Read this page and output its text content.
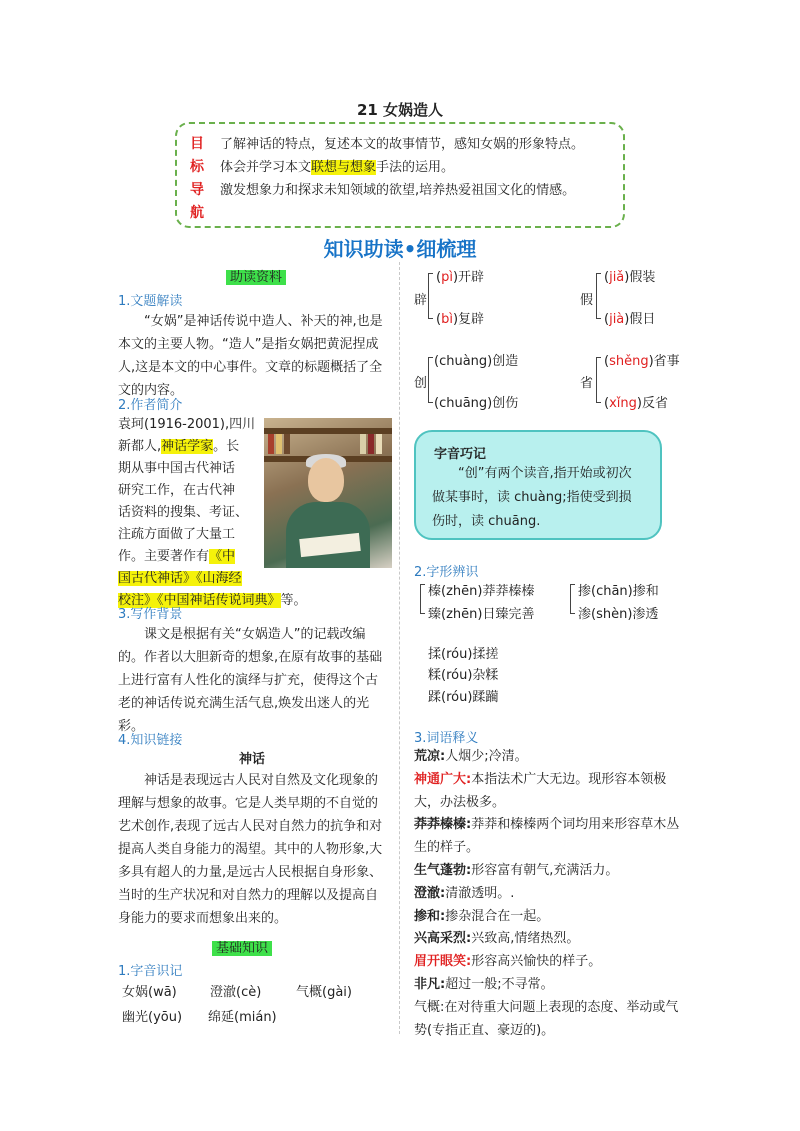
21 女娲造人
目
标
导
航
了解神话的特点，复述本文的故事情节，感知女娲的形象特点。
体会并学习本文联想与想象手法的运用。
激发想象力和探求未知领域的欲望,培养热爱祖国文化的情感。
知识助读•细梳理
助读资料
1.文题解读

“女娲”是神话传说中造人、补天的神,也是本文的主要人物。“造人”是指女娲把黄泥捏成人,这是本文的中心事件。文章的标题概括了全文的内容。

2.作者简介
袁珂(1916-2001),四川
新都人,神话学家。长
期从事中国古代神话
研究工作，在古代神
话资料的搜集、考证、
注疏方面做了大量工
作。主要著作有《中
国古代神话》《山海经
校注》《中国神话传说词典》等。
3.写作背景

课文是根据有关“女娲造人”的记载改编的。作者以大胆新奇的想象,在原有故事的基础上进行富有人性化的演绎与扩充，使得这个古老的神话传说充满生活气息,焕发出迷人的光彩。

4.知识链接
神话

神话是表现远古人民对自然及文化现象的理解与想象的故事。它是人类早期的不自觉的艺术创作,表现了远古人民对自然力的抗争和对提高人类自身能力的渴望。其中的人物形象,大多具有超人的力量,是远古人民根据自身形象、当时的生产状况和对自然力的理解以及提高自身能力的要求而想象出来的。

基础知识
1.字音识记
女娲(wā)	澄澈(cè)	气概(gài)
幽光(yōu) 绵延(mián)
辟
(pì)开辟
(bì)复辟
假
(jiǎ)假装
(jià)假日
创
(chuàng)创造
(chuāng)创伤
省
(shěng)省事
(xǐng)反省
字音巧记
“创”有两个读音,指开始或初次做某事时，读 chuàng;指使受到损伤时，读 chuāng.
2.字形辨识
榛(zhēn)莽莽榛榛
臻(zhēn)日臻完善
掺(chān)掺和
渗(shèn)渗透
揉(róu)揉搓
糅(róu)杂糅
蹂(róu)蹂躏
3.词语释义
荒凉:人烟少;冷清。
神通广大:本指法术广大无边。现形容本领极大，办法极多。
莽莽榛榛:莽莽和榛榛两个词均用来形容草木丛生的样子。
生气蓬勃:形容富有朝气,充满活力。
澄澈:清澈透明。.
掺和:掺杂混合在一起。
兴高采烈:兴致高,情绪热烈。
眉开眼笑:形容高兴愉快的样子。
非凡:超过一般;不寻常。
气概:在对待重大问题上表现的态度、举动或气势(专指正直、豪迈的)。
